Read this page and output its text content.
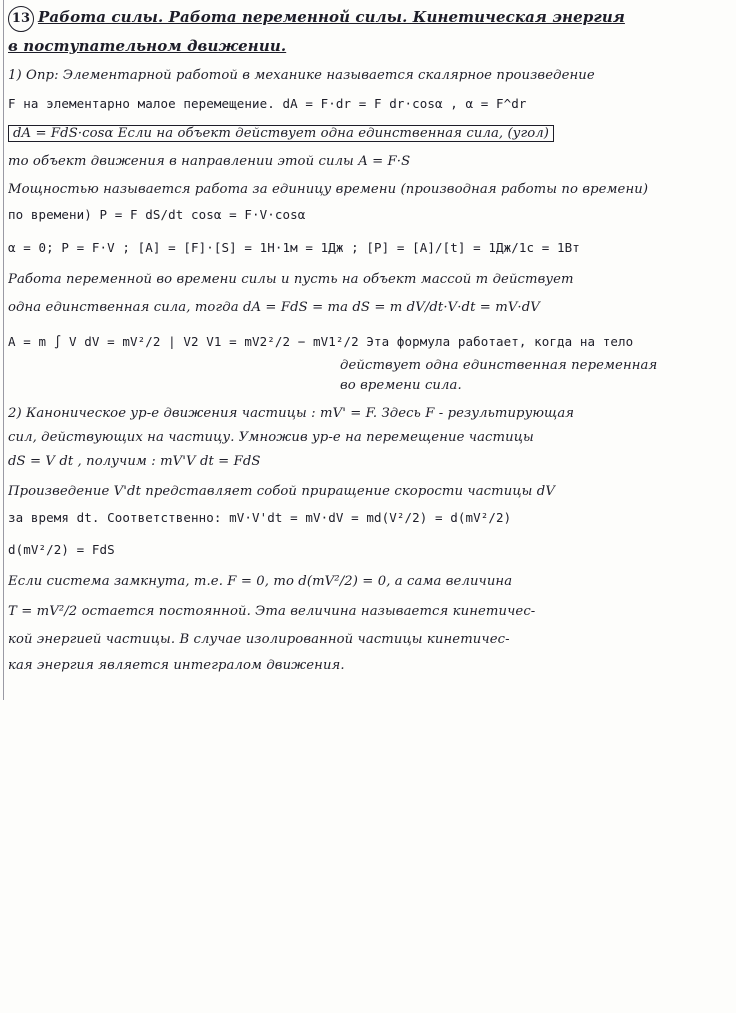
13 Работа силы. Работа переменной силы. Кинетическая энергия
в поступательном движении.
1) Опр: Элементарной работой в механике называется скалярное произведение
F на элементарно малое перемещение. dA = F·dr = F dr·cosα , α = F^dr
dA = FdS·cosα Если на объект действует одна единственная сила, (угол)
то объект движения в направлении этой силы A = F·S
Мощностью называется работа за единицу времени (производная работы по времени)
по времени) P = F dS/dt cosα = F·V·cosα
α = 0; P = F·V ; [A] = [F]·[S] = 1Н·1м = 1Дж ; [P] = [A]/[t] = 1Дж/1с = 1Вт
Работа переменной во времени силы и пусть на объект массой m действует
одна единственная сила, тогда dA = FdS = ma dS = m dV/dt·V·dt = mV·dV
A = m ∫ V dV = mV²/2 | V2 V1 = mV2²/2 − mV1²/2 Эта формула работает, когда на тело
действует одна единственная переменная
во времени сила.
2) Каноническое ур-е движения частицы : mV' = F. Здесь F - результирующая
сил, действующих на частицу. Умножив ур-е на перемещение частицы
dS = V dt , получим : mV'V dt = FdS
Произведение V'dt представляет собой приращение скорости частицы dV
за время dt. Соответственно: mV·V'dt = mV·dV = md(V²/2) = d(mV²/2)
d(mV²/2) = FdS
Если система замкнута, т.е. F = 0, то d(mV²/2) = 0, а сама величина
T = mV²/2 остается постоянной. Эта величина называется кинетичес-
кой энергией частицы. В случае изолированной частицы кинетичес-
кая энергия является интегралом движения.
